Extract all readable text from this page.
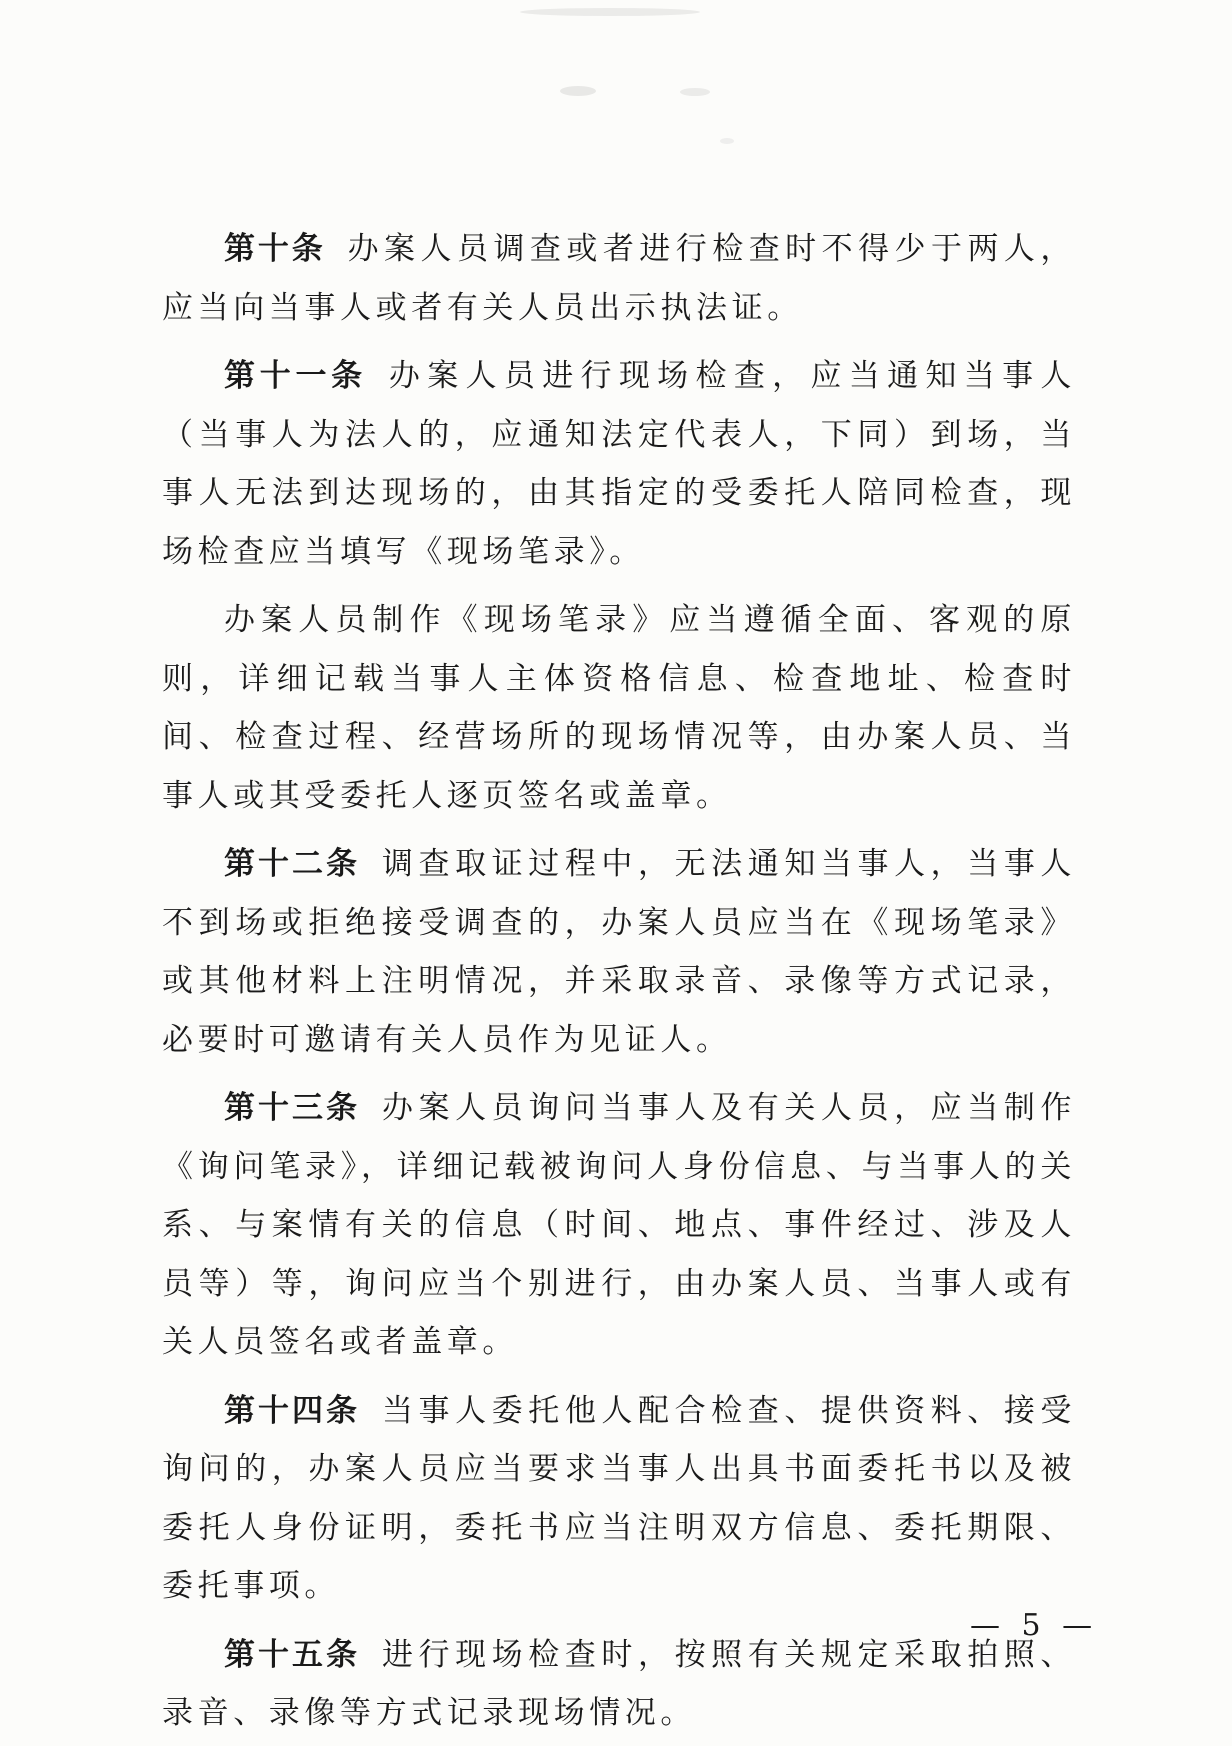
第十条 办案人员调查或者进行检查时不得少于两人，应当向当事人或者有关人员出示执法证。

第十一条 办案人员进行现场检查，应当通知当事人（当事人为法人的，应通知法定代表人，下同）到场，当事人无法到达现场的，由其指定的受委托人陪同检查，现场检查应当填写《现场笔录》。

办案人员制作《现场笔录》应当遵循全面、客观的原则，详细记载当事人主体资格信息、检查地址、检查时间、检查过程、经营场所的现场情况等，由办案人员、当事人或其受委托人逐页签名或盖章。

第十二条 调查取证过程中，无法通知当事人，当事人不到场或拒绝接受调查的，办案人员应当在《现场笔录》或其他材料上注明情况，并采取录音、录像等方式记录，必要时可邀请有关人员作为见证人。

第十三条 办案人员询问当事人及有关人员，应当制作《询问笔录》，详细记载被询问人身份信息、与当事人的关系、与案情有关的信息（时间、地点、事件经过、涉及人员等）等，询问应当个别进行，由办案人员、当事人或有关人员签名或者盖章。

第十四条 当事人委托他人配合检查、提供资料、接受询问的，办案人员应当要求当事人出具书面委托书以及被委托人身份证明，委托书应当注明双方信息、委托期限、委托事项。

第十五条 进行现场检查时，按照有关规定采取拍照、录音、录像等方式记录现场情况。

— 5 —
